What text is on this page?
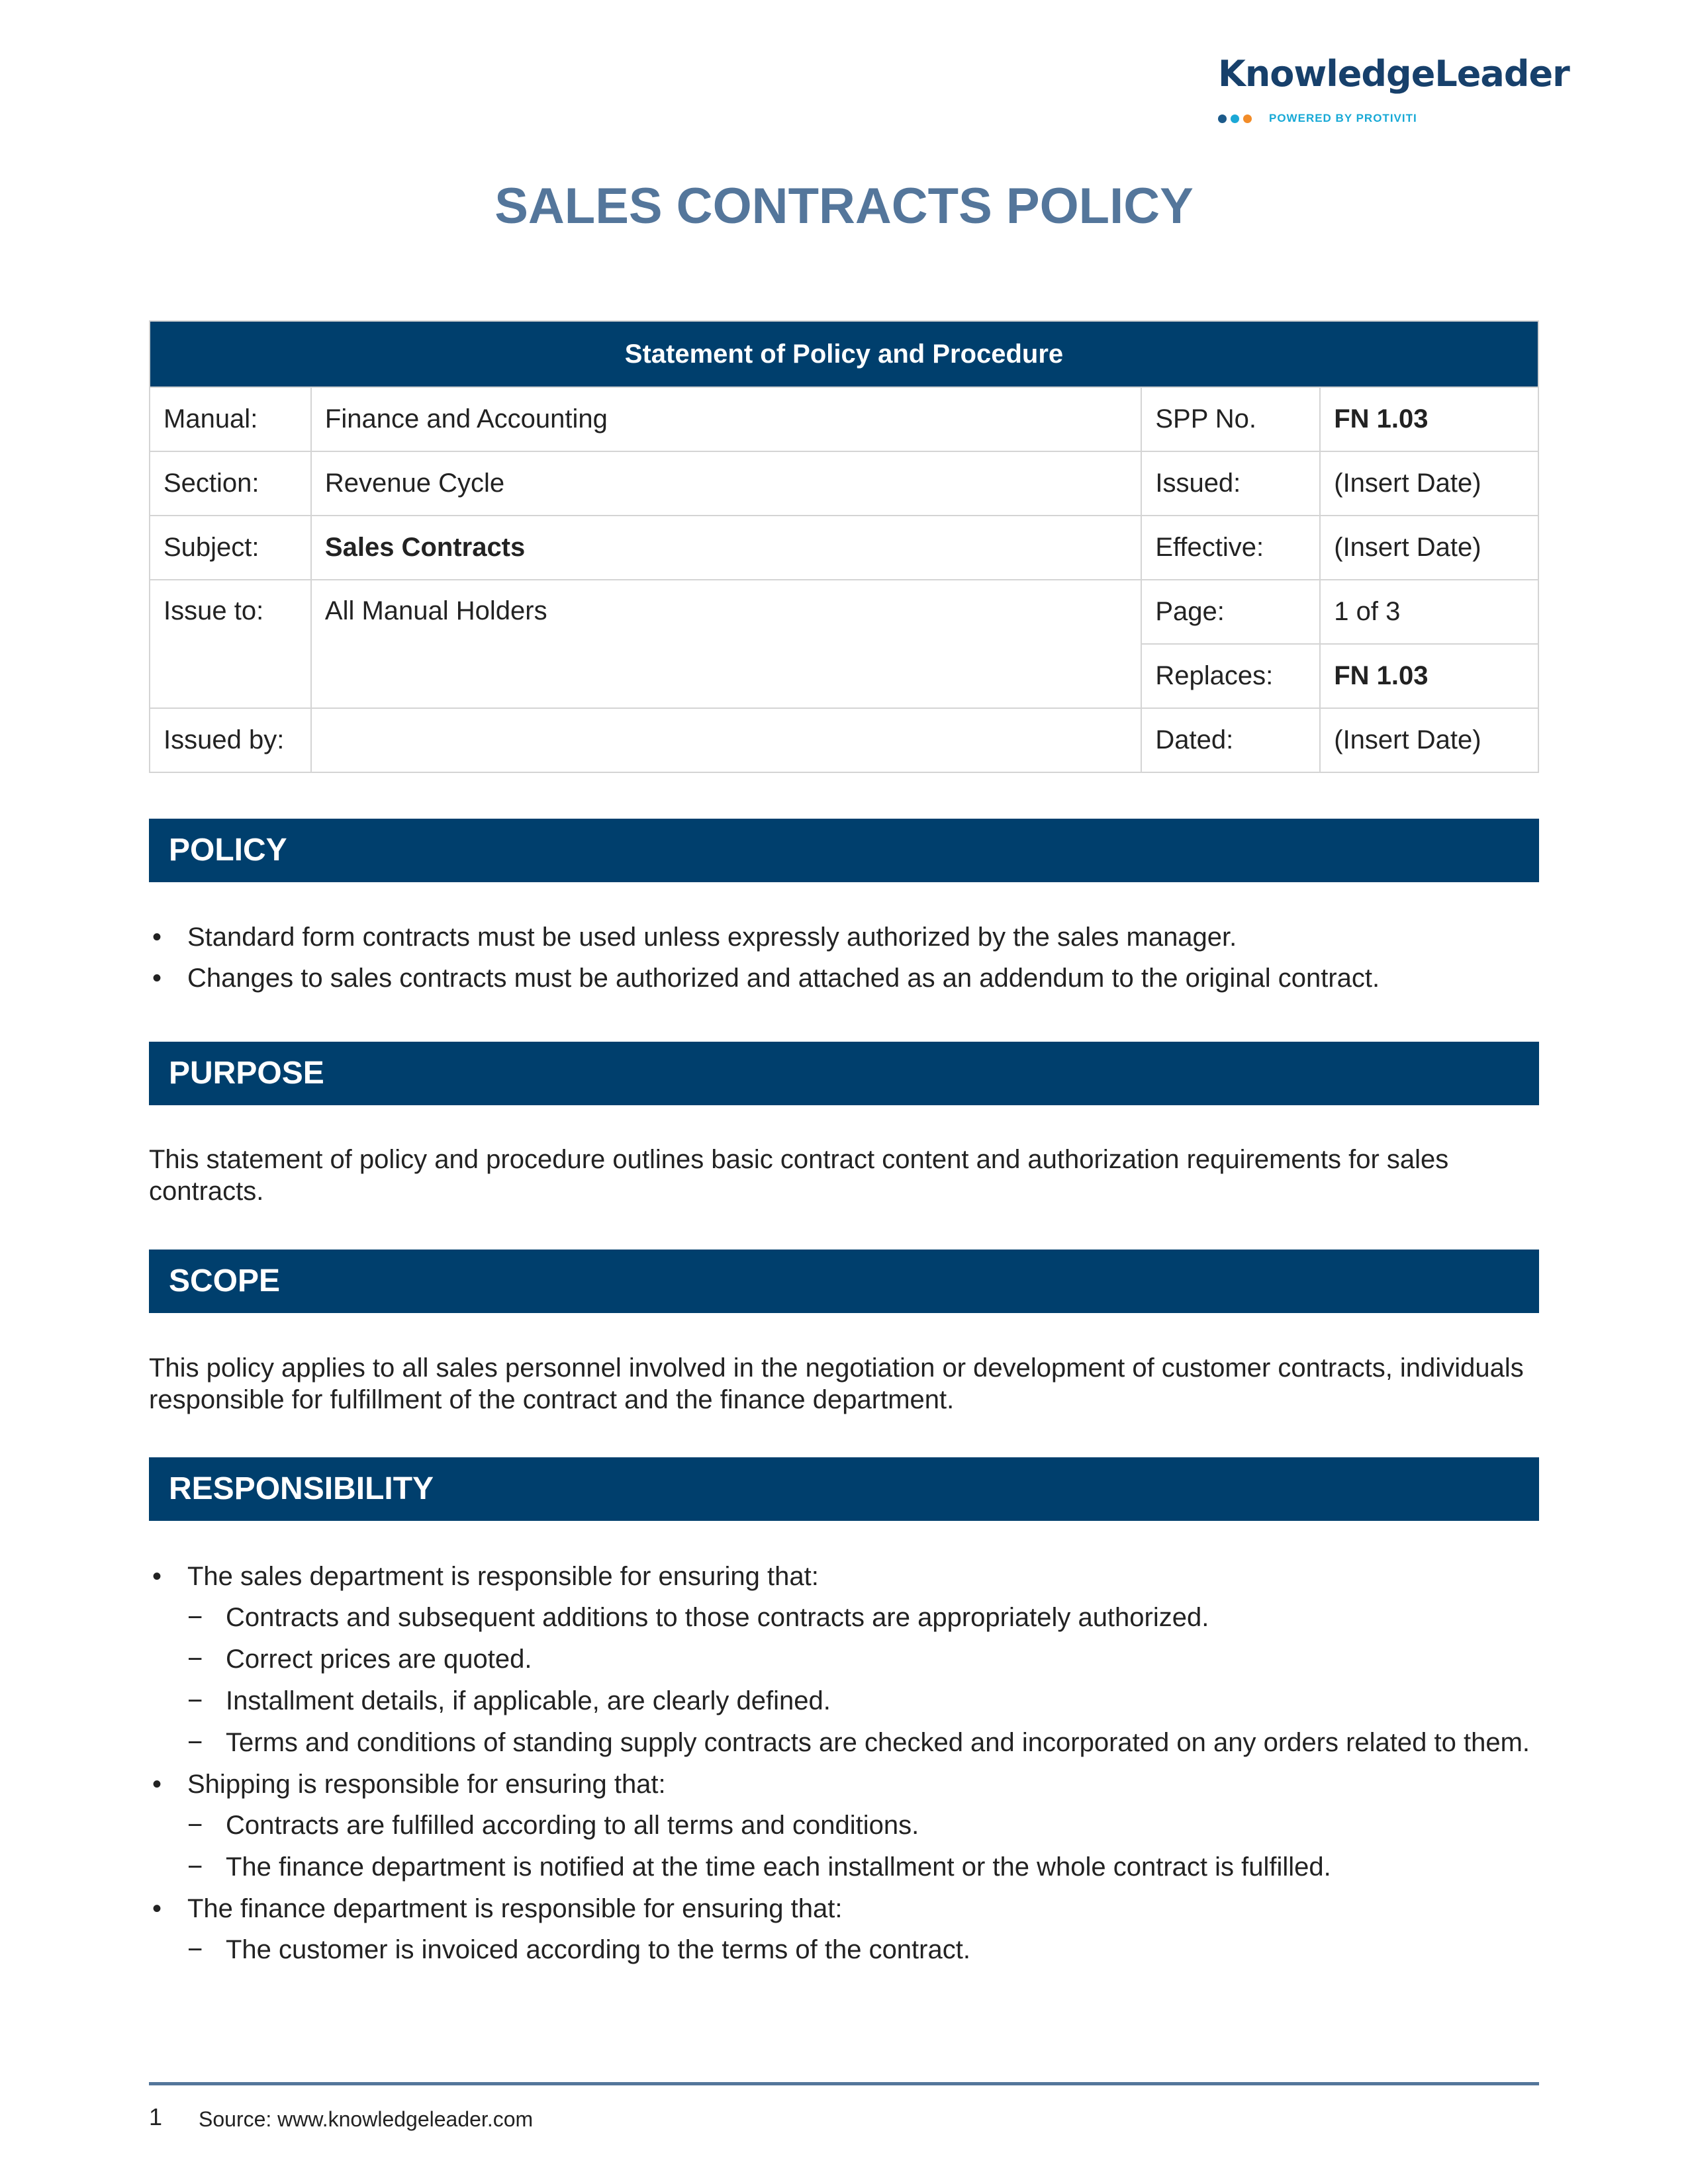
KnowledgeLeader
POWERED BY PROTIVITI
SALES CONTRACTS POLICY
Statement of Policy and Procedure			
Manual:	Finance and Accounting	SPP No.	FN 1.03
Section:	Revenue Cycle	Issued:	(Insert Date)
Subject:	Sales Contracts	Effective:	(Insert Date)
Issue to:	All Manual Holders	Page:	1 of 3
		Replaces:	FN 1.03
Issued by:		Dated:	(Insert Date)
POLICY
• Standard form contracts must be used unless expressly authorized by the sales manager.
• Changes to sales contracts must be authorized and attached as an addendum to the original contract.
PURPOSE
This statement of policy and procedure outlines basic contract content and authorization requirements for sales contracts.
SCOPE
This policy applies to all sales personnel involved in the negotiation or development of customer contracts, individuals responsible for fulfillment of the contract and the finance department.
RESPONSIBILITY
• The sales department is responsible for ensuring that:
− Contracts and subsequent additions to those contracts are appropriately authorized.
− Correct prices are quoted.
− Installment details, if applicable, are clearly defined.
− Terms and conditions of standing supply contracts are checked and incorporated on any orders related to them.
• Shipping is responsible for ensuring that:
− Contracts are fulfilled according to all terms and conditions.
− The finance department is notified at the time each installment or the whole contract is fulfilled.
• The finance department is responsible for ensuring that:
− The customer is invoiced according to the terms of the contract.
1 Source: www.knowledgeleader.com
